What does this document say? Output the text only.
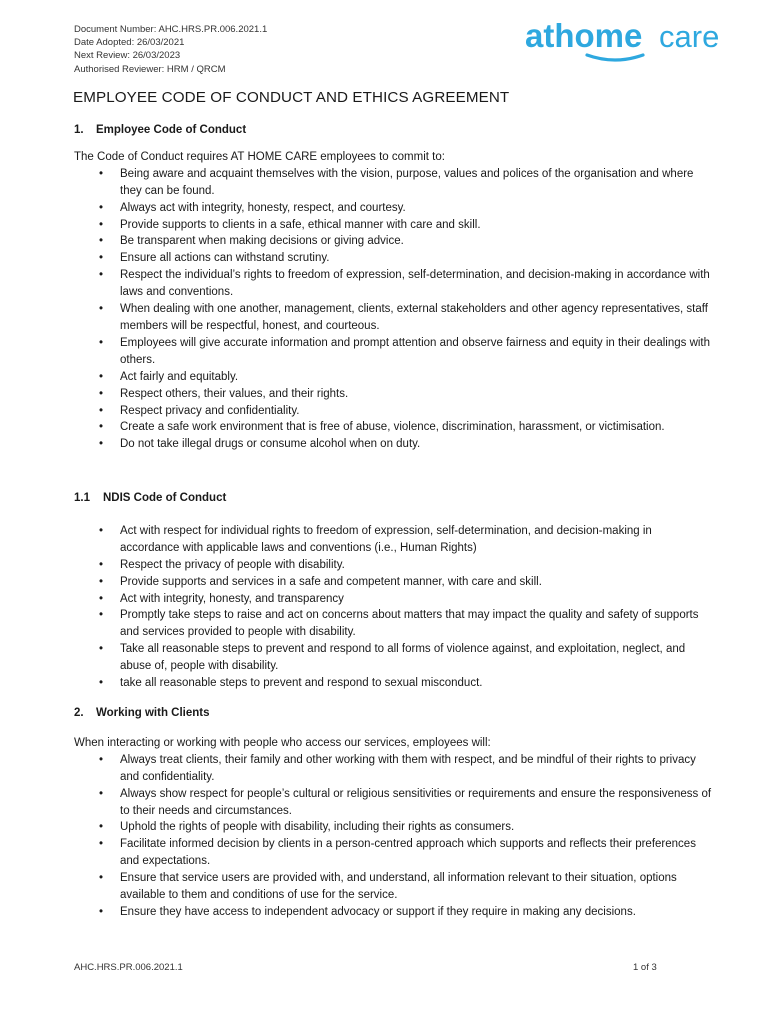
Document Number: AHC.HRS.PR.006.2021.1
Date Adopted: 26/03/2021
Next Review: 26/03/2023
Authorised Reviewer: HRM / QRCM
athome care
EMPLOYEE CODE OF CONDUCT AND ETHICS AGREEMENT

1. Employee Code of Conduct

The Code of Conduct requires AT HOME CARE employees to commit to:

• Being aware and acquaint themselves with the vision, purpose, values and polices of the organisation and where they can be found.
• Always act with integrity, honesty, respect, and courtesy.
• Provide supports to clients in a safe, ethical manner with care and skill.
• Be transparent when making decisions or giving advice.
• Ensure all actions can withstand scrutiny.
• Respect the individual’s rights to freedom of expression, self-determination, and decision-making in accordance with laws and conventions.
• When dealing with one another, management, clients, external stakeholders and other agency representatives, staff members will be respectful, honest, and courteous.
• Employees will give accurate information and prompt attention and observe fairness and equity in their dealings with others.
• Act fairly and equitably.
• Respect others, their values, and their rights.
• Respect privacy and confidentiality.
• Create a safe work environment that is free of abuse, violence, discrimination, harassment, or victimisation.
• Do not take illegal drugs or consume alcohol when on duty.

1.1 NDIS Code of Conduct

• Act with respect for individual rights to freedom of expression, self-determination, and decision-making in accordance with applicable laws and conventions (i.e., Human Rights)
• Respect the privacy of people with disability.
• Provide supports and services in a safe and competent manner, with care and skill.
• Act with integrity, honesty, and transparency
• Promptly take steps to raise and act on concerns about matters that may impact the quality and safety of supports and services provided to people with disability.
• Take all reasonable steps to prevent and respond to all forms of violence against, and exploitation, neglect, and abuse of, people with disability.
• take all reasonable steps to prevent and respond to sexual misconduct.

2. Working with Clients

When interacting or working with people who access our services, employees will:

• Always treat clients, their family and other working with them with respect, and be mindful of their rights to privacy and confidentiality.
• Always show respect for people’s cultural or religious sensitivities or requirements and ensure the responsiveness of to their needs and circumstances.
• Uphold the rights of people with disability, including their rights as consumers.
• Facilitate informed decision by clients in a person-centred approach which supports and reflects their preferences and expectations.
• Ensure that service users are provided with, and understand, all information relevant to their situation, options available to them and conditions of use for the service.
• Ensure they have access to independent advocacy or support if they require in making any decisions.
AHC.HRS.PR.006.2021.1	1 of 3
